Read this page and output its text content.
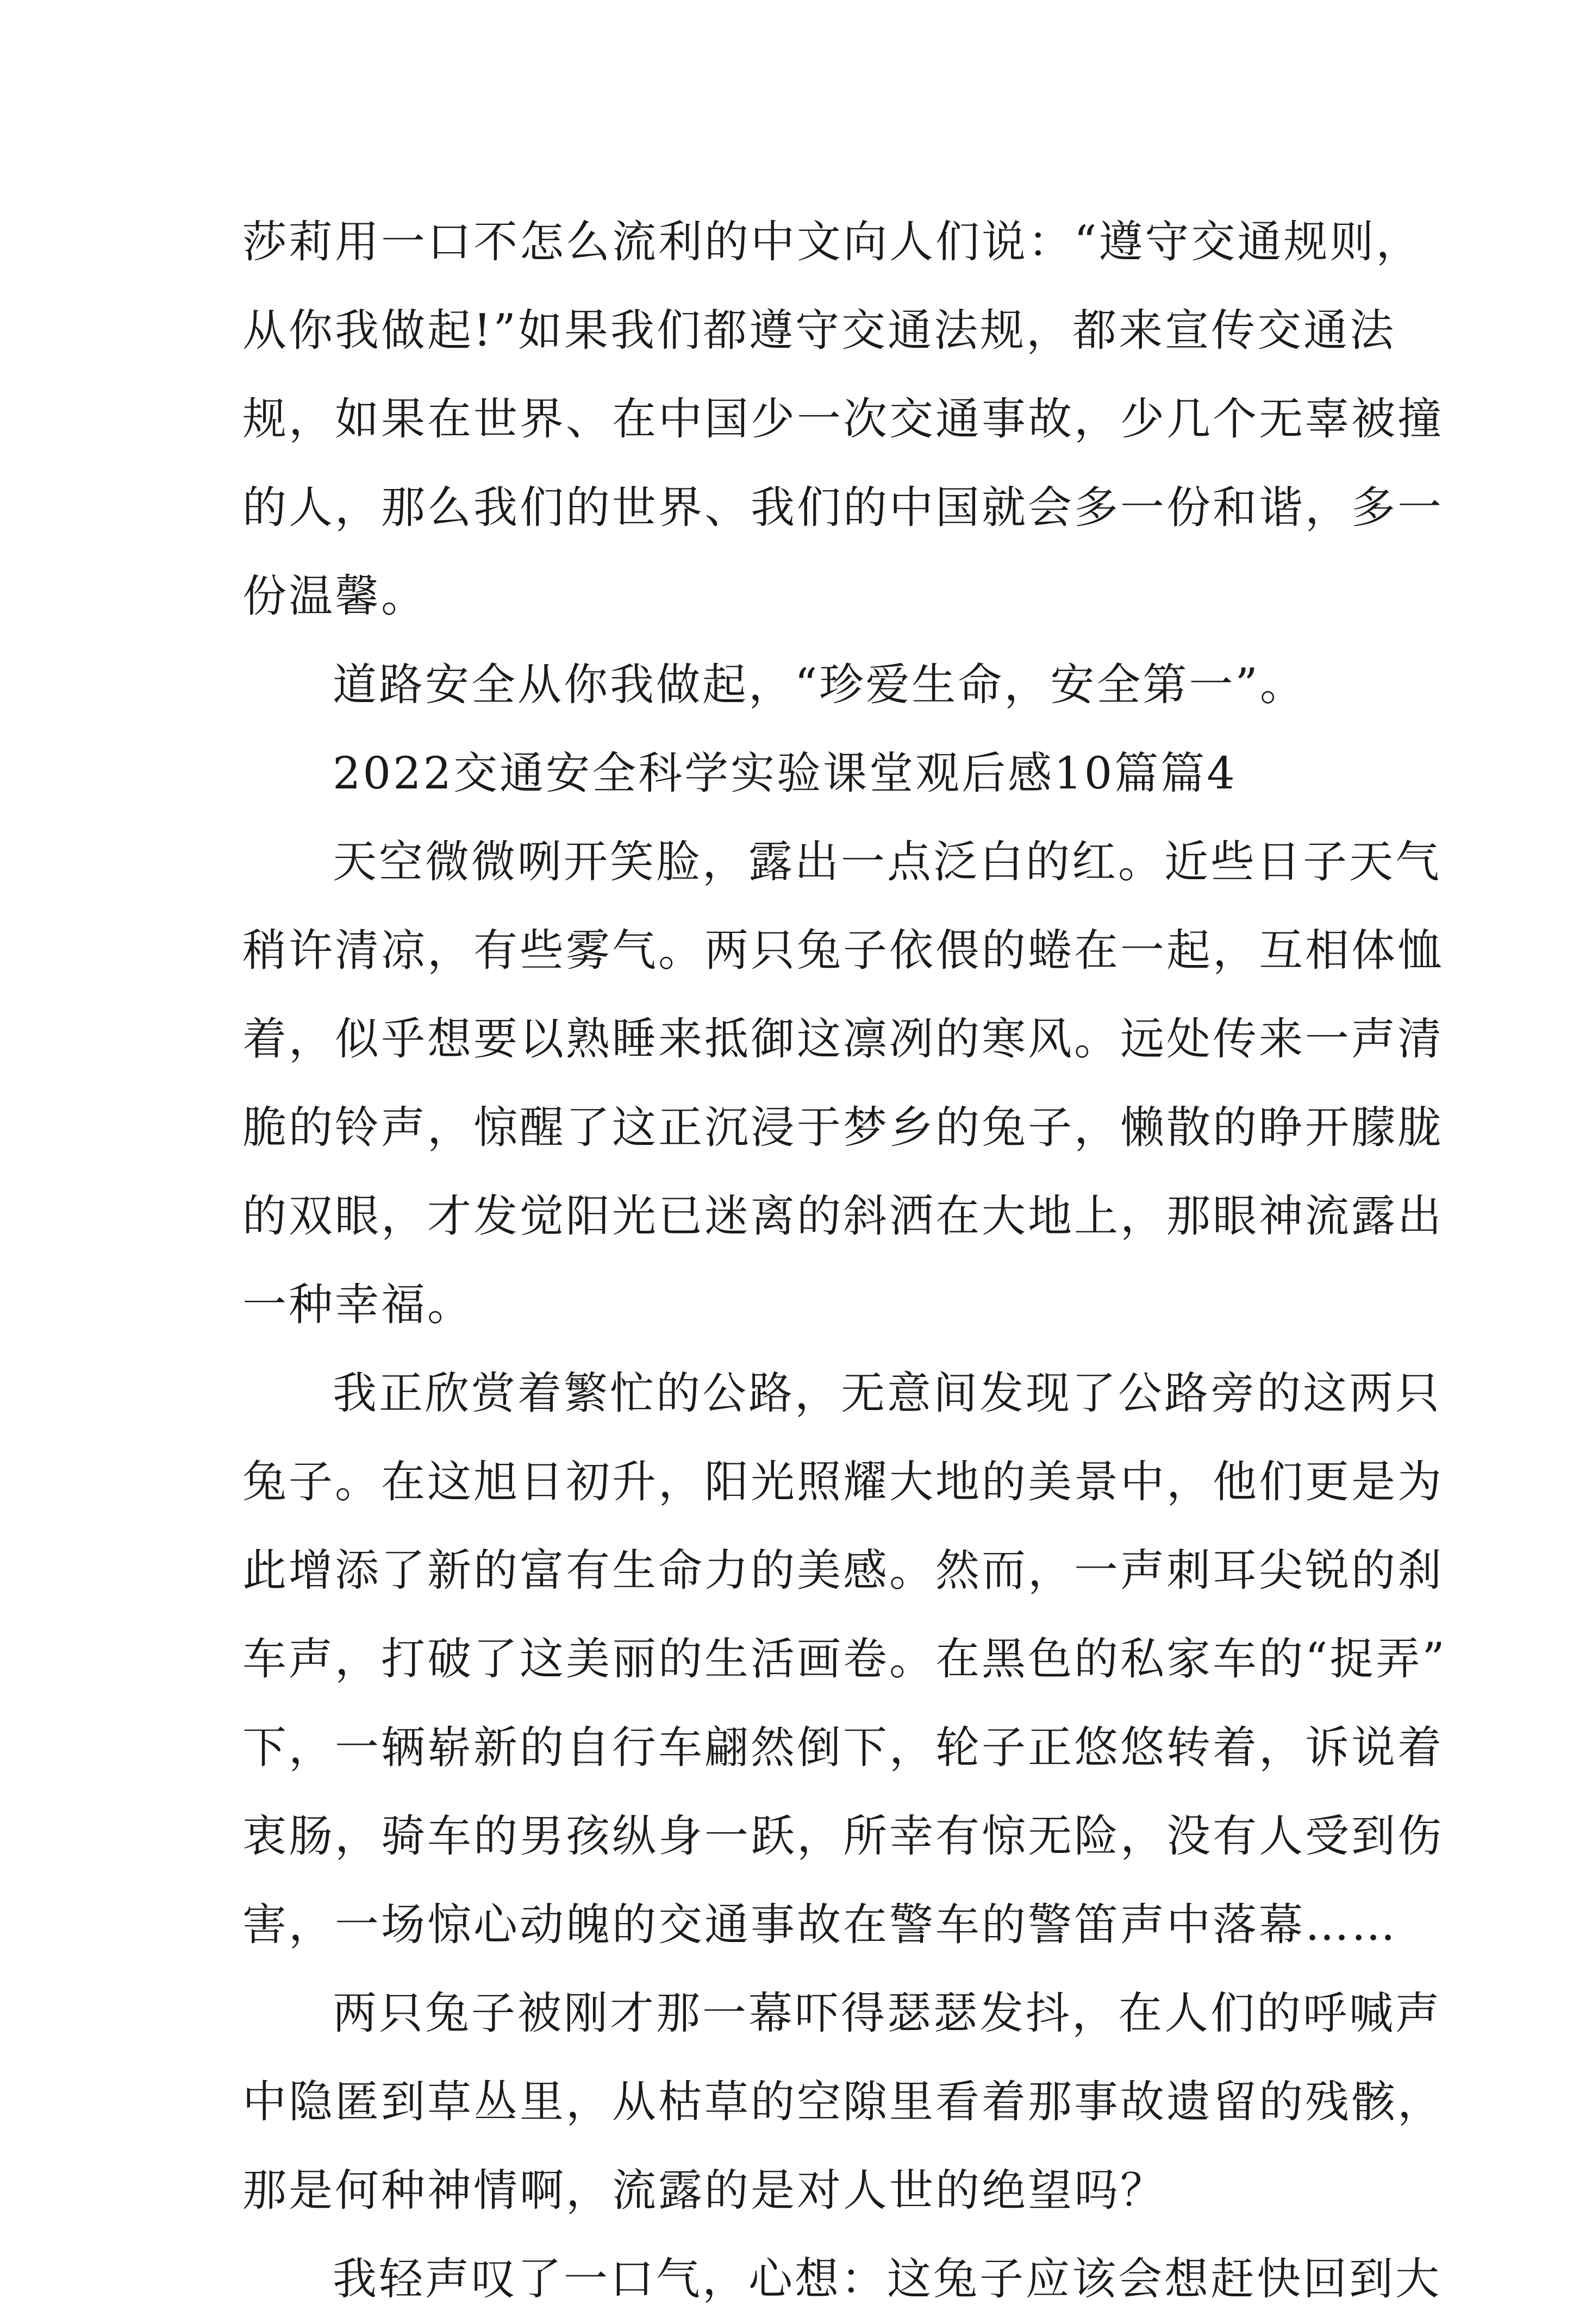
莎莉用一口不怎么流利的中文向人们说：“遵守交通规则，
从你我做起!”如果我们都遵守交通法规，都来宣传交通法
规，如果在世界、在中国少一次交通事故，少几个无辜被撞
的人，那么我们的世界、我们的中国就会多一份和谐，多一
份温馨。
道路安全从你我做起，“珍爱生命，安全第一”。
2022交通安全科学实验课堂观后感10篇篇4
天空微微咧开笑脸，露出一点泛白的红。近些日子天气
稍许清凉，有些雾气。两只兔子依偎的蜷在一起，互相体恤
着，似乎想要以熟睡来抵御这凛冽的寒风。远处传来一声清
脆的铃声，惊醒了这正沉浸于梦乡的兔子，懒散的睁开朦胧
的双眼，才发觉阳光已迷离的斜洒在大地上，那眼神流露出
一种幸福。
我正欣赏着繁忙的公路，无意间发现了公路旁的这两只
兔子。在这旭日初升，阳光照耀大地的美景中，他们更是为
此增添了新的富有生命力的美感。然而，一声刺耳尖锐的刹
车声，打破了这美丽的生活画卷。在黑色的私家车的“捉弄”
下，一辆崭新的自行车翩然倒下，轮子正悠悠转着，诉说着
衷肠，骑车的男孩纵身一跃，所幸有惊无险，没有人受到伤
害，一场惊心动魄的交通事故在警车的警笛声中落幕……
两只兔子被刚才那一幕吓得瑟瑟发抖，在人们的呼喊声
中隐匿到草丛里，从枯草的空隙里看着那事故遗留的残骸，
那是何种神情啊，流露的是对人世的绝望吗？
我轻声叹了一口气，心想：这兔子应该会想赶快回到大
